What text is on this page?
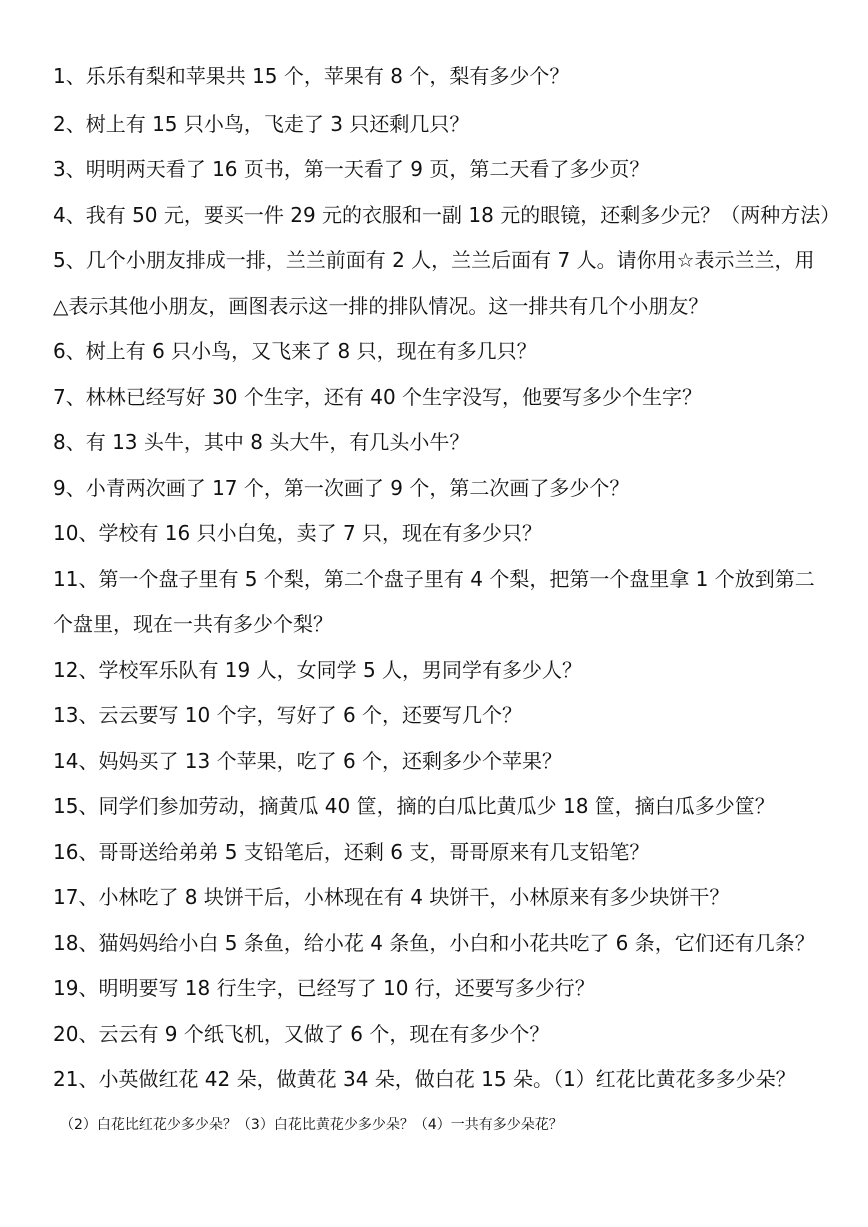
1、乐乐有梨和苹果共 15 个，苹果有 8 个，梨有多少个？
2、树上有 15 只小鸟，飞走了 3 只还剩几只？
3、明明两天看了 16 页书，第一天看了 9 页，第二天看了多少页？
4、我有 50 元，要买一件 29 元的衣服和一副 18 元的眼镜，还剩多少元？（两种方法）
5、几个小朋友排成一排，兰兰前面有 2 人，兰兰后面有 7 人。请你用☆表示兰兰，用
△表示其他小朋友，画图表示这一排的排队情况。这一排共有几个小朋友？
6、树上有 6 只小鸟，又飞来了 8 只，现在有多几只？
7、林林已经写好 30 个生字，还有 40 个生字没写，他要写多少个生字？
8、有 13 头牛，其中 8 头大牛，有几头小牛？
9、小青两次画了 17 个，第一次画了 9 个，第二次画了多少个？
10、学校有 16 只小白兔，卖了 7 只，现在有多少只？
11、第一个盘子里有 5 个梨，第二个盘子里有 4 个梨，把第一个盘里拿 1 个放到第二
个盘里，现在一共有多少个梨？
12、学校军乐队有 19 人，女同学 5 人，男同学有多少人？
13、云云要写 10 个字，写好了 6 个，还要写几个？
14、妈妈买了 13 个苹果，吃了 6 个，还剩多少个苹果？
15、同学们参加劳动，摘黄瓜 40 筐，摘的白瓜比黄瓜少 18 筐，摘白瓜多少筐？
16、哥哥送给弟弟 5 支铅笔后，还剩 6 支，哥哥原来有几支铅笔？
17、小林吃了 8 块饼干后，小林现在有 4 块饼干，小林原来有多少块饼干？
18、猫妈妈给小白 5 条鱼，给小花 4 条鱼，小白和小花共吃了 6 条，它们还有几条？
19、明明要写 18 行生字，已经写了 10 行，还要写多少行？
20、云云有 9 个纸飞机，又做了 6 个，现在有多少个？
21、小英做红花 42 朵，做黄花 34 朵，做白花 15 朵。（1）红花比黄花多多少朵？
（2）白花比红花少多少朵？（3）白花比黄花少多少朵？（4）一共有多少朵花？
